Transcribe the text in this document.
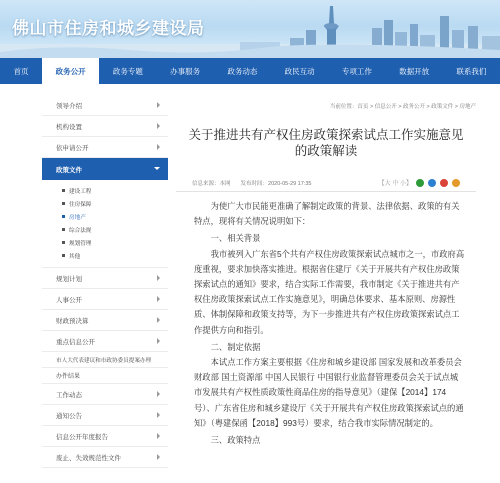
佛山市住房和城乡建设局
首页	政务公开	政务专题	办事服务	政务动态	政民互动	专项工作	数据开放	联系我们
领导介绍
机构设置
依申请公开
政策文件
建设工程
住房保障
房地产
综合法规
规划管理
其他
规划计划
人事公开
财政预决算
重点信息公开
市人大代表建议和市政协委员提案办理
办件结果
工作动态
通知公告
信息公开年度报告
废止、失效规范性文件
当前位置：首页 > 信息公开 > 政务公开 > 政策文件 > 房地产
关于推进共有产权住房政策探索试点工作实施意见
的政策解读
信息来源：本网 发布时间：2020-05-29 17:35	【大 中 小】

为使广大市民能更准确了解制定政策的背景、法律依据、政策的有关特点，现将有关情况说明如下：

一、相关背景

我市被列入广东省5个共有产权住房政策探索试点城市之一，市政府高度重视，要求加快落实推进。根据省住建厅《关于开展共有产权住房政策探索试点的通知》要求，结合实际工作需要，我市制定《关于推进共有产权住房政策探索试点工作实施意见》，明确总体要求、基本原则、房源性质、体制保障和政策支持等，为下一步推进共有产权住房政策探索试点工作提供方向和指引。

二、制定依据

本试点工作方案主要根据《住房和城乡建设部 国家发展和改革委员会 财政部 国土资源部 中国人民银行 中国银行业监督管理委员会关于试点城市发展共有产权性质政策性商品住房的指导意见》（建保【2014】174号）、广东省住房和城乡建设厅《关于开展共有产权住房政策探索试点的通知》（粤建保函【2018】993号）要求，结合我市实际情况制定的。

三、政策特点
